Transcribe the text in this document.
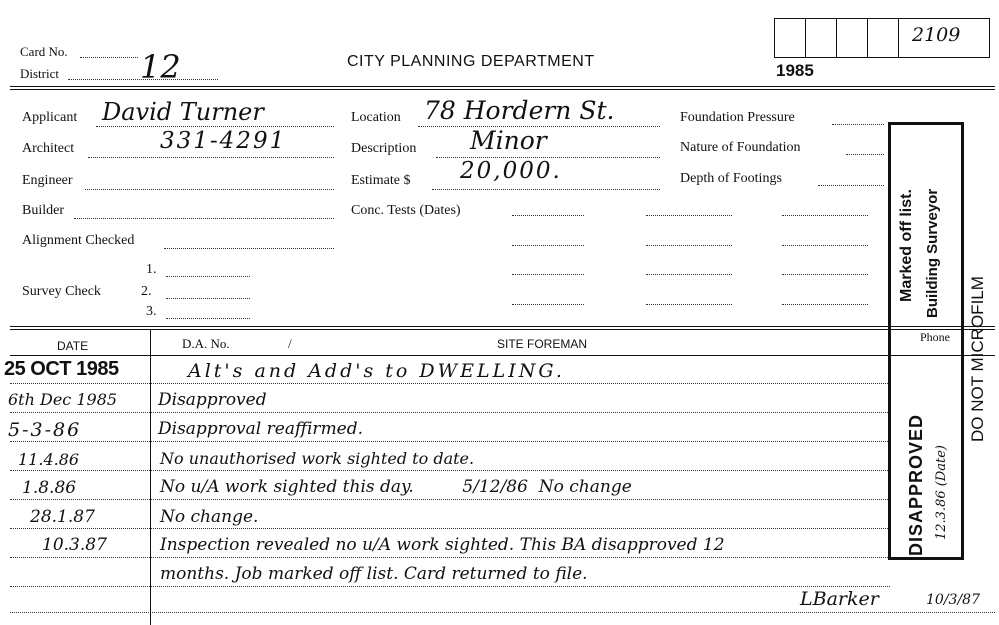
Card No.
District	12	CITY PLANNING DEPARTMENT	1985
2109
Applicant David Turner
Architect	331-4291
Engineer
Builder
Alignment Checked
1.
Survey Check	2.
3.
Location 78 Hordern St.
Description Minor
Estimate $ 20,000.
Conc. Tests (Dates)
Foundation Pressure
Nature of Foundation
Depth of Footings
DATE	D.A. No.	/	SITE FOREMAN	Phone
25 OCT 1985	Alt's and Add's to DWELLING.
6th Dec 1985 Disapproved
5-3-86	Disapproval reaffirmed.
11.4.86	No unauthorised work sighted to date.
1.8.86	No u/A work sighted this day.         5/12/86  No change
28.1.87	No change.
10.3.87	Inspection revealed no u/A work sighted. This BA disapproved 12
months. Job marked off list. Card returned to file.
LBarker	10/3/87
Marked off list. Building Surveyor
DO NOT MICROFILM
DISAPPROVED 12.3.86 (Date)
